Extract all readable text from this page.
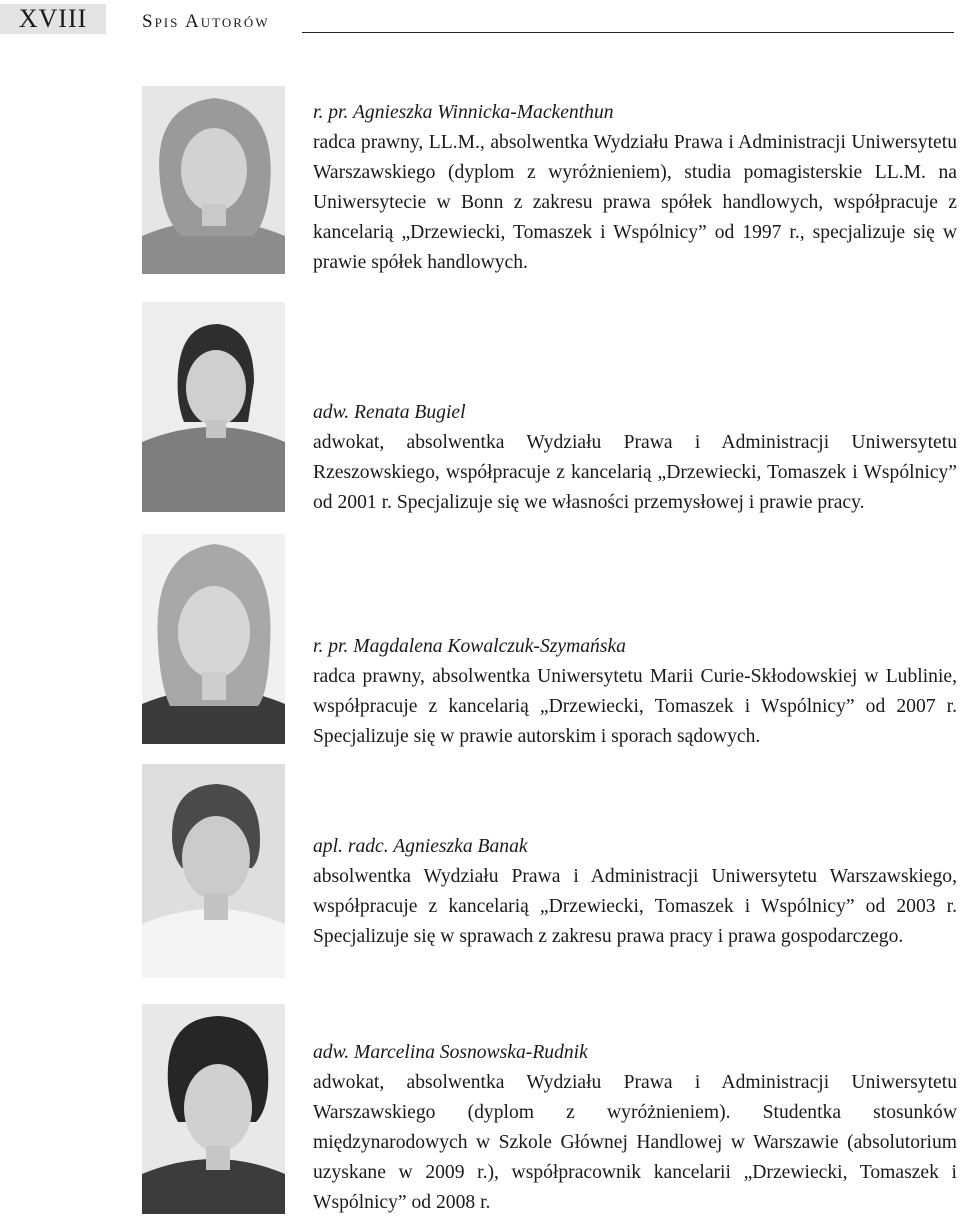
XVIII	Spis Autorów
r. pr. Agnieszka Winnicka-Mackenthun
radca prawny, LL.M., absolwentka Wydziału Prawa i Administracji Uniwersytetu Warszawskiego (dyplom z wyróżnieniem), studia pomagisterskie LL.M. na Uniwersytecie w Bonn z zakresu prawa spółek handlowych, współpracuje z kancelarią „Drzewiecki, Tomaszek i Wspólnicy” od 1997 r., specjalizuje się w prawie spółek handlowych.
adw. Renata Bugiel
adwokat, absolwentka Wydziału Prawa i Administracji Uniwersytetu Rzeszowskiego, współpracuje z kancelarią „Drzewiecki, Tomaszek i Wspólnicy” od 2001 r. Specjalizuje się we własności przemysłowej i prawie pracy.
r. pr. Magdalena Kowalczuk-Szymańska
radca prawny, absolwentka Uniwersytetu Marii Curie-Skłodowskiej w Lublinie, współpracuje z kancelarią „Drzewiecki, Tomaszek i Wspólnicy” od 2007 r. Specjalizuje się w prawie autorskim i sporach sądowych.
apl. radc. Agnieszka Banak
absolwentka Wydziału Prawa i Administracji Uniwersytetu Warszawskiego, współpracuje z kancelarią „Drzewiecki, Tomaszek i Wspólnicy” od 2003 r. Specjalizuje się w sprawach z zakresu prawa pracy i prawa gospodarczego.
adw. Marcelina Sosnowska-Rudnik
adwokat, absolwentka Wydziału Prawa i Administracji Uniwersytetu Warszawskiego (dyplom z wyróżnieniem). Studentka stosunków międzynarodowych w Szkole Głównej Handlowej w Warszawie (absolutorium uzyskane w 2009 r.), współpracownik kancelarii „Drzewiecki, Tomaszek i Wspólnicy” od 2008 r.
